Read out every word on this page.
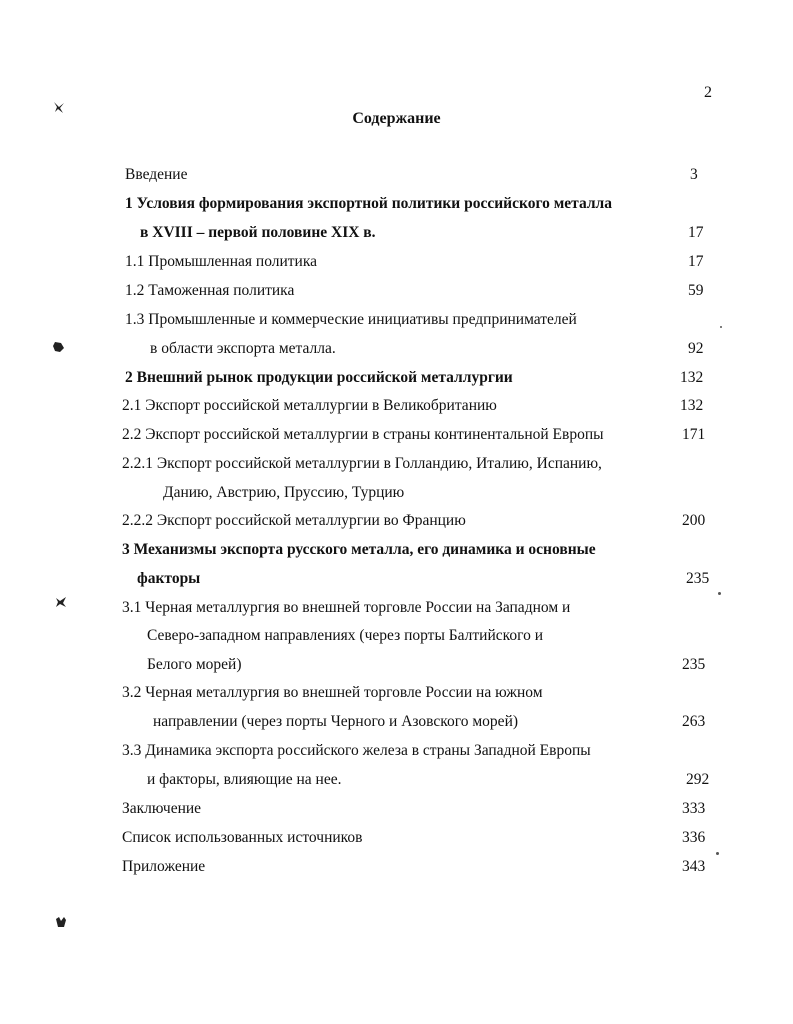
2
Содержание
Введение	3
1 Условия формирования экспортной политики российского металла
в XVIII – первой половине XIX в.	17
1.1 Промышленная политика	17
1.2 Таможенная политика	59
1.3 Промышленные и коммерческие инициативы предпринимателей
в области экспорта металла.	92
2 Внешний рынок продукции российской металлургии	132
2.1 Экспорт российской металлургии в Великобританию	132
2.2 Экспорт российской металлургии в страны континентальной Европы	171
2.2.1 Экспорт российской металлургии в Голландию, Италию, Испанию,
Данию, Австрию, Пруссию, Турцию
2.2.2 Экспорт российской металлургии во Францию	200
3 Механизмы экспорта русского металла, его динамика и основные
факторы	235
3.1 Черная металлургия во внешней торговле России на Западном и
Северо-западном направлениях (через порты Балтийского и
Белого морей)	235
3.2 Черная металлургия во внешней торговле России на южном
направлении (через порты Черного и Азовского морей)	263
3.3 Динамика экспорта российского железа в страны Западной Европы
и факторы, влияющие на нее.	292
Заключение	333
Список использованных источников	336
Приложение	343
